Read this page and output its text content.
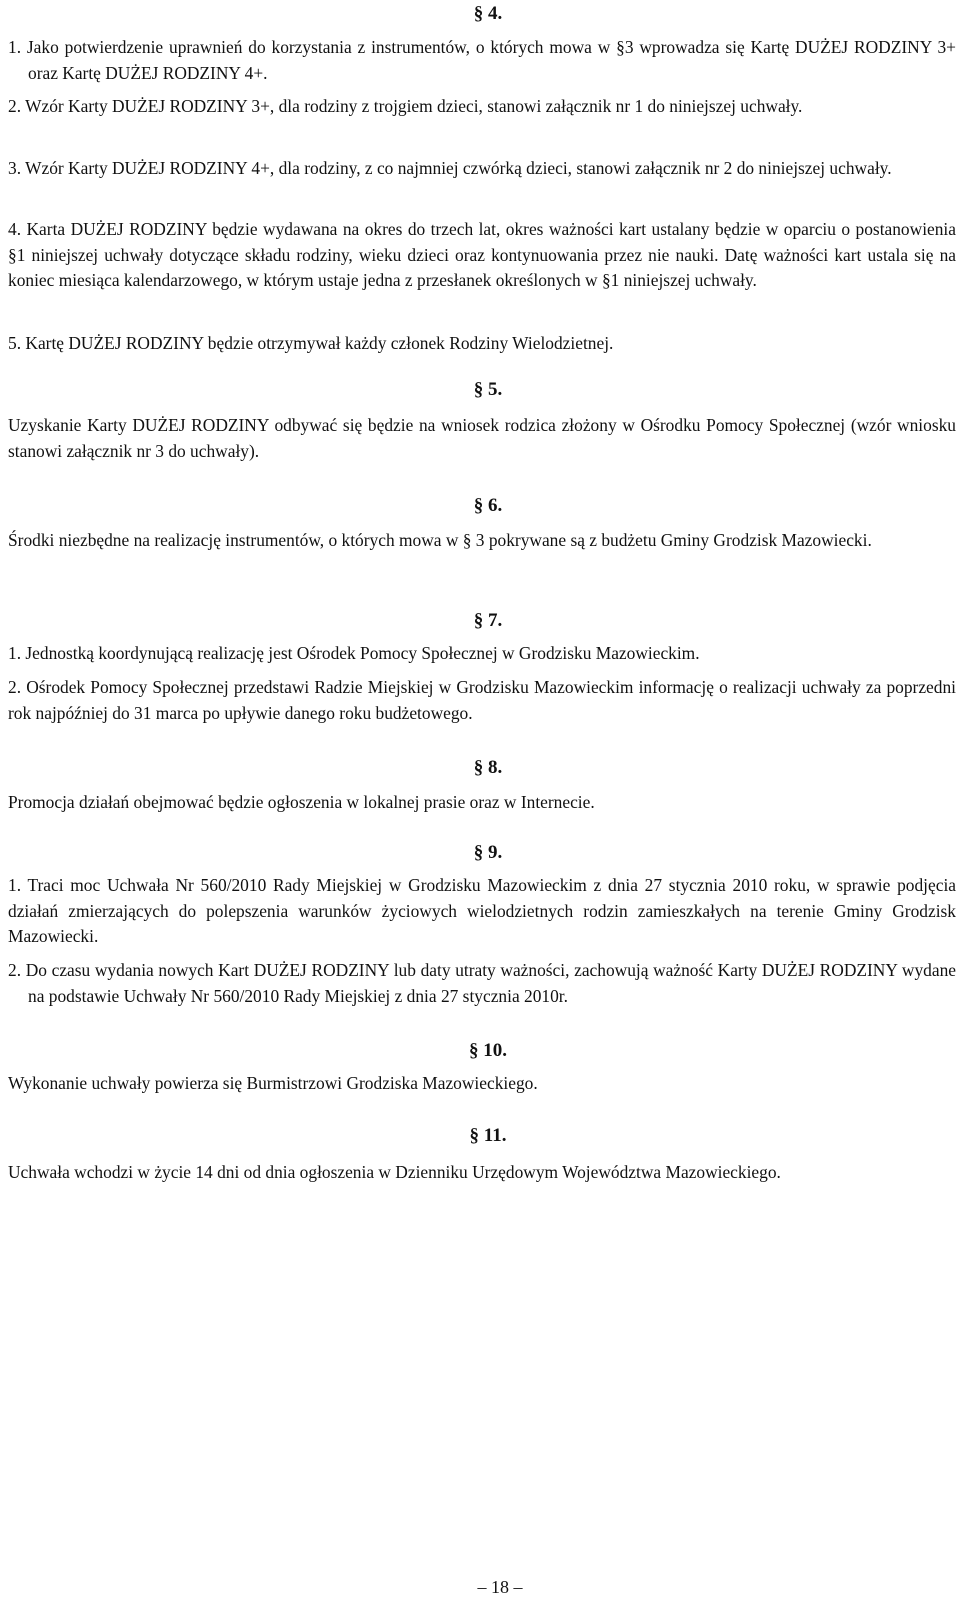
§ 4.
1. Jako potwierdzenie uprawnień do korzystania z instrumentów, o których mowa w §3 wprowadza się Kartę DUŻEJ RODZINY 3+ oraz Kartę DUŻEJ RODZINY 4+.
2. Wzór Karty DUŻEJ RODZINY 3+, dla rodziny z trojgiem dzieci, stanowi załącznik nr 1 do niniejszej uchwały.
3. Wzór Karty DUŻEJ RODZINY 4+, dla rodziny, z co najmniej czwórką dzieci, stanowi załącznik nr 2 do niniejszej uchwały.
4. Karta DUŻEJ RODZINY będzie wydawana na okres do trzech lat, okres ważności kart ustalany będzie w oparciu o postanowienia §1 niniejszej uchwały dotyczące składu rodziny, wieku dzieci oraz kontynuowania przez nie nauki. Datę ważności kart ustala się na koniec miesiąca kalendarzowego, w którym ustaje jedna z przesłanek określonych w §1 niniejszej uchwały.
5. Kartę DUŻEJ RODZINY będzie otrzymywał każdy członek Rodziny Wielodzietnej.
§ 5.
Uzyskanie Karty DUŻEJ RODZINY odbywać się będzie na wniosek rodzica złożony w Ośrodku Pomocy Społecznej (wzór wniosku stanowi załącznik nr 3 do uchwały).
§ 6.
Środki niezbędne na realizację instrumentów, o których mowa w § 3 pokrywane są z budżetu Gminy Grodzisk Mazowiecki.
§ 7.
1. Jednostką koordynującą realizację jest Ośrodek Pomocy Społecznej w Grodzisku Mazowieckim.
2. Ośrodek Pomocy Społecznej przedstawi Radzie Miejskiej w Grodzisku Mazowieckim informację o realizacji uchwały za poprzedni rok najpóźniej do 31 marca po upływie danego roku budżetowego.
§ 8.
Promocja działań obejmować będzie ogłoszenia w lokalnej prasie oraz w Internecie.
§ 9.
1. Traci moc Uchwała Nr 560/2010 Rady Miejskiej w Grodzisku Mazowieckim z dnia 27 stycznia 2010 roku, w sprawie podjęcia działań zmierzających do polepszenia warunków życiowych wielodzietnych rodzin zamieszkałych na terenie Gminy Grodzisk Mazowiecki.
2. Do czasu wydania nowych Kart DUŻEJ RODZINY lub daty utraty ważności, zachowują ważność Karty DUŻEJ RODZINY wydane na podstawie Uchwały Nr 560/2010 Rady Miejskiej z dnia 27 stycznia 2010r.
§ 10.
Wykonanie uchwały powierza się Burmistrzowi Grodziska Mazowieckiego.
§ 11.
Uchwała wchodzi w życie 14 dni od dnia ogłoszenia w Dzienniku Urzędowym Województwa Mazowieckiego.
– 18 –
